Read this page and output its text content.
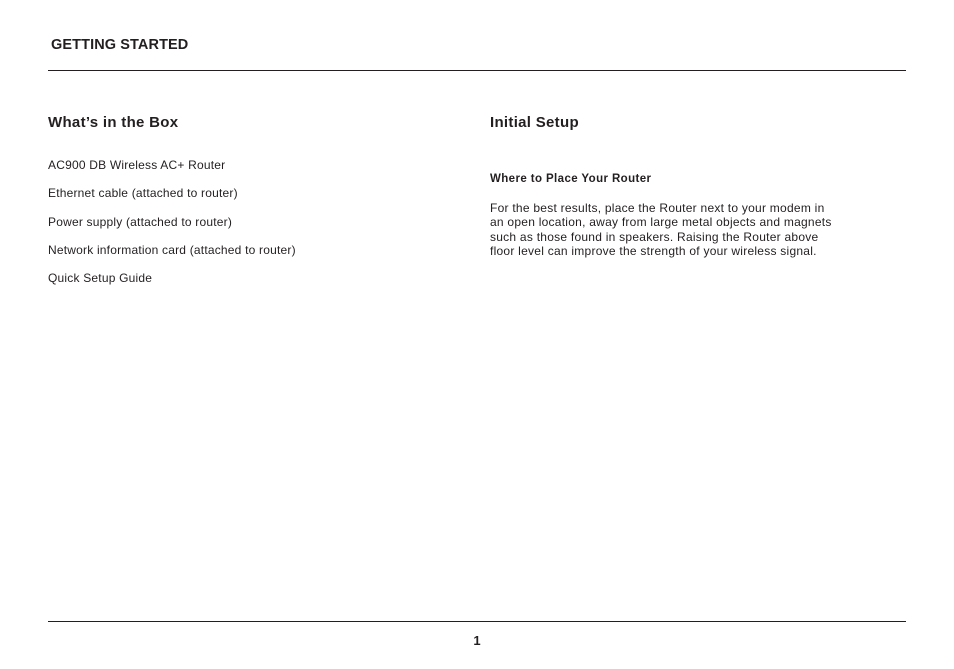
GETTING STARTED
What’s in the Box
AC900 DB Wireless AC+ Router
Ethernet cable (attached to router)
Power supply (attached to router)
Network information card (attached to router)
Quick Setup Guide
Initial Setup
Where to Place Your Router
For the best results, place the Router next to your modem in
an open location, away from large metal objects and magnets
such as those found in speakers. Raising the Router above
floor level can improve the strength of your wireless signal.
1
